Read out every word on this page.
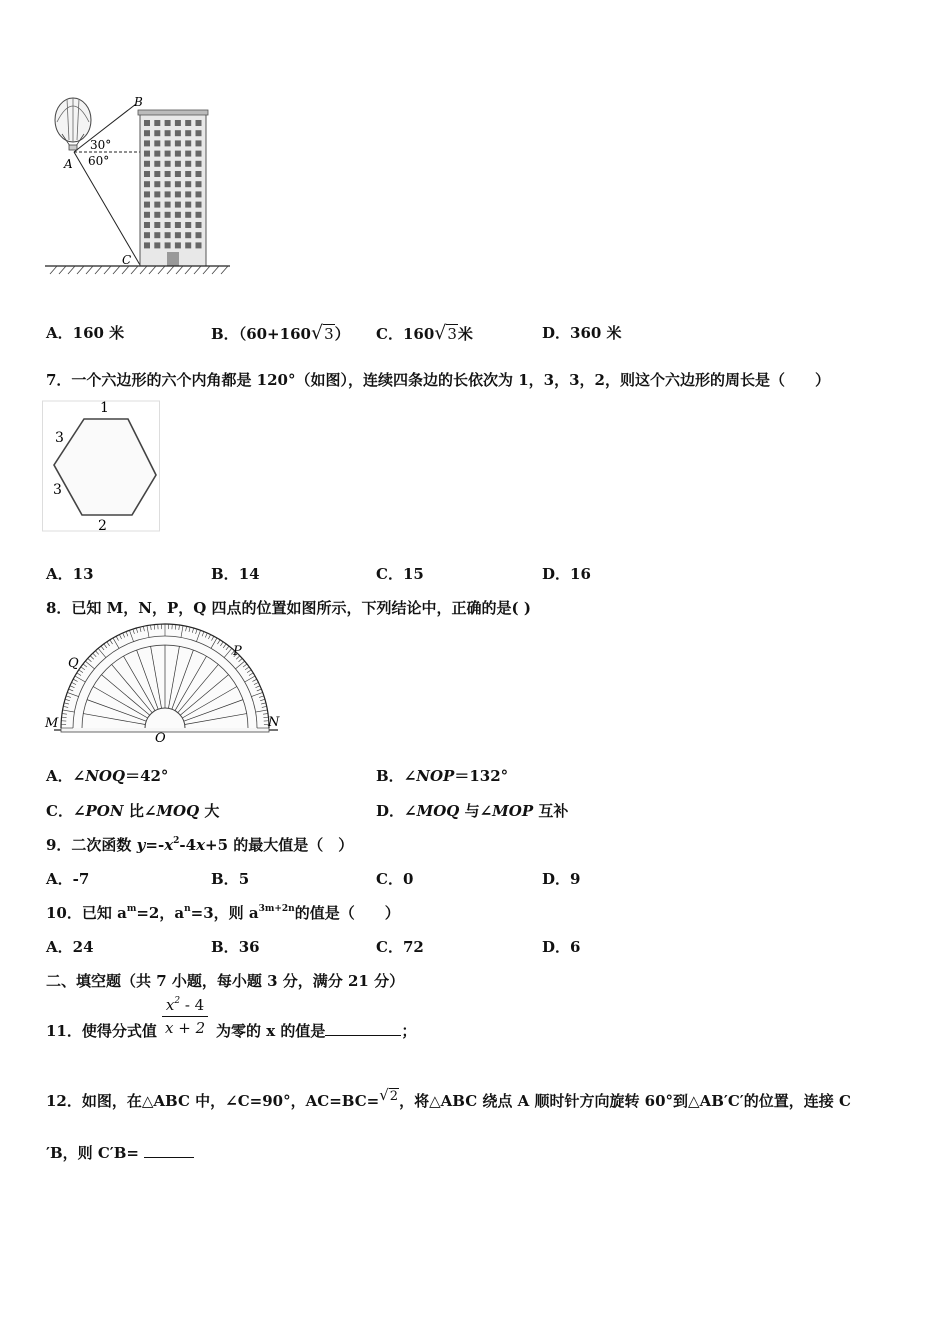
B
A
C
30°
60°
A．160 米	B．（60+160√3） C．160√3米	D．360 米
7．一个六边形的六个内角都是 120°（如图），连续四条边的长依次为 1，3，3，2，则这个六边形的周长是（　　）
1
3
3
2
A．13	B．14	C．15	D．16
8．已知 M，N，P，Q 四点的位置如图所示，下列结论中，正确的是( )
M	N
O
P
Q
A．∠NOQ＝42°	B．∠NOP＝132°
C．∠PON 比∠MOQ 大	D．∠MOQ 与∠MOP 互补
9．二次函数 $y=-x^2-4x+5$ 的最大值是（　）
A．-7	B．5	C．0	D．9
10．已知 $a^m=2$，$a^n=3$，则 $a^{3m+2n}$的值是（　　）
A．24	B．36	C．72	D．6
二、填空题（共 7 小题，每小题 3 分，满分 21 分）
11．使得分式值
$x^2 - 4$
x + 2 为零的 x 的值是	；
12．如图，在△ABC 中，∠C=90°，AC=BC=√2，将△ABC 绕点 A 顺时针方向旋转 60°到△AB′C′的位置，连接 C
′B，则 C′B=
